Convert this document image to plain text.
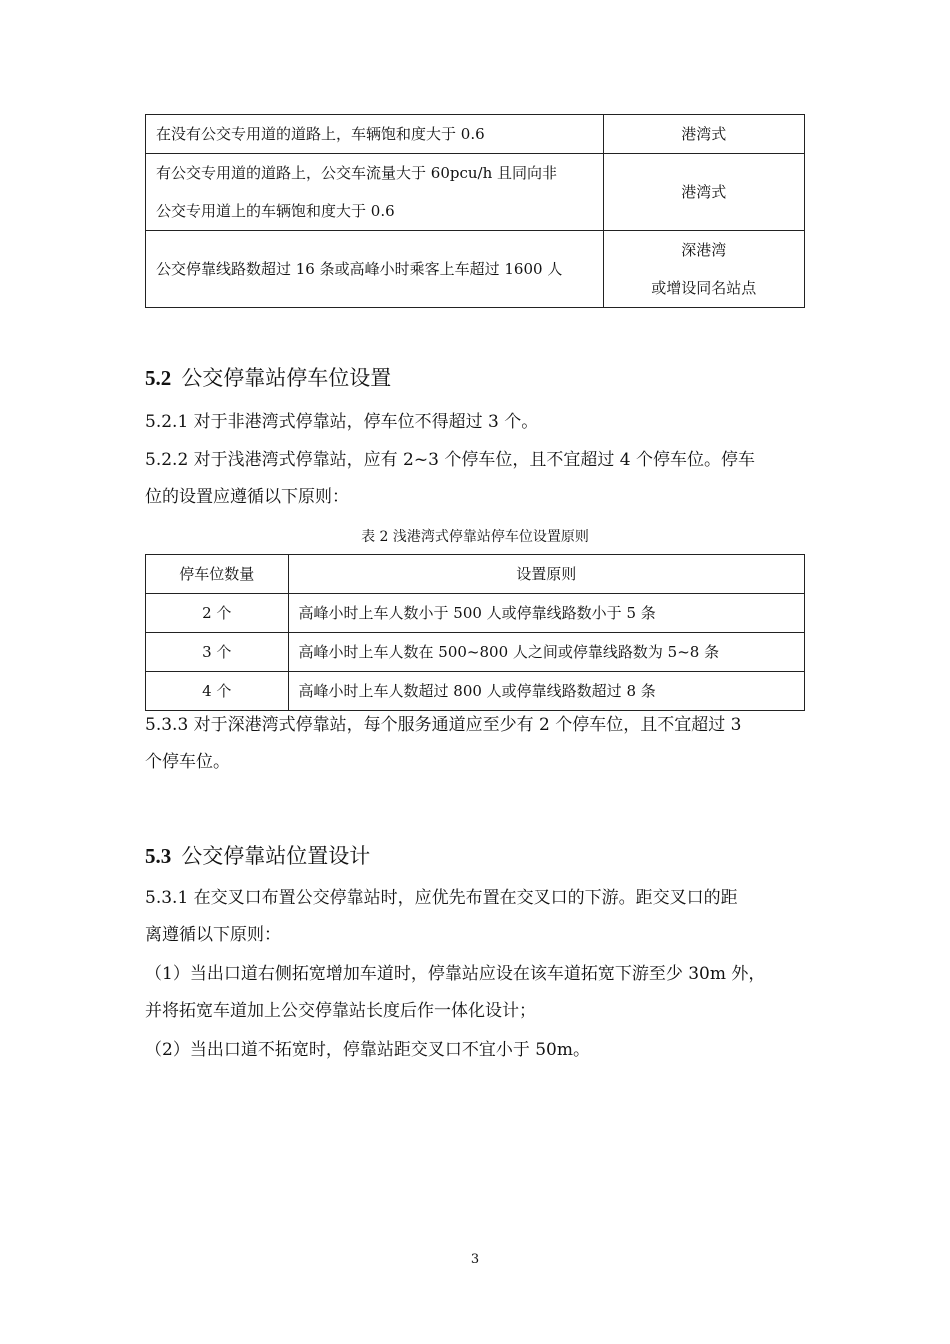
在没有公交专用道的道路上，车辆饱和度大于 0.6	港湾式

有公交专用道的道路上，公交车流量大于 60pcu/h 且同向非
公交专用道上的车辆饱和度大于 0.6	港湾式
公交停靠线路数超过 16 条或高峰小时乘客上车超过 1600 人	深港湾
或增设同名站点
5.2 公交停靠站停车位设置
5.2.1 对于非港湾式停靠站，停车位不得超过 3 个。
5.2.2 对于浅港湾式停靠站，应有 2~3 个停车位，且不宜超过 4 个停车位。停车
位的设置应遵循以下原则：
表 2 浅港湾式停靠站停车位设置原则
停车位数量	设置原则
2 个	高峰小时上车人数小于 500 人或停靠线路数小于 5 条
3 个	高峰小时上车人数在 500~800 人之间或停靠线路数为 5~8 条
4 个	高峰小时上车人数超过 800 人或停靠线路数超过 8 条
5.3.3 对于深港湾式停靠站，每个服务通道应至少有 2 个停车位，且不宜超过 3
个停车位。
5.3 公交停靠站位置设计
5.3.1 在交叉口布置公交停靠站时，应优先布置在交叉口的下游。距交叉口的距
离遵循以下原则：
（1）当出口道右侧拓宽增加车道时，停靠站应设在该车道拓宽下游至少 30m 外，
并将拓宽车道加上公交停靠站长度后作一体化设计；
（2）当出口道不拓宽时，停靠站距交叉口不宜小于 50m。
3
